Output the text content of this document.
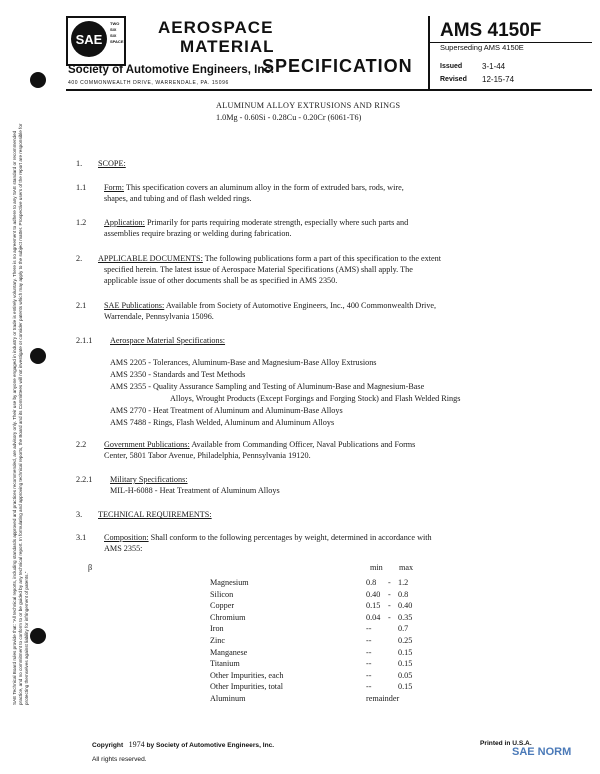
SAE
TWO
SIX
SIX
SPACE
AEROSPACE
MATERIAL
SPECIFICATION
Society of Automotive Engineers, Inc.
400 COMMONWEALTH DRIVE, WARRENDALE, PA. 15096
AMS 4150F
Superseding AMS 4150E
Issued 3-1-44
Revised 12-15-74
SAE Technical Board rules provide that: "All technical reports, including standards approved and practices recommended, are advisory only. Their use by anyone engaged in industry or trade is entirely voluntary. There is no agreement to adhere to any SAE standard or recommended practice, and no commitment to conform to or be guided by any technical report. In formulating and approving technical reports, the Board and its Committees will not investigate or consider patents which may apply to the subject matter. Prospective users of the report are responsible for protecting themselves against liability for infringement of patents."
ALUMINUM ALLOY EXTRUSIONS AND RINGS
1.0Mg - 0.60Si - 0.28Cu - 0.20Cr (6061-T6)
1. SCOPE:
1.1 Form: This specification covers an aluminum alloy in the form of extruded bars, rods, wire,
shapes, and tubing and of flash welded rings.
1.2 Application: Primarily for parts requiring moderate strength, especially where such parts and
assemblies require brazing or welding during fabrication.
2. APPLICABLE DOCUMENTS: The following publications form a part of this specification to the extent
specified herein. The latest issue of Aerospace Material Specifications (AMS) shall apply. The
applicable issue of other documents shall be as specified in AMS 2350.
2.1 SAE Publications: Available from Society of Automotive Engineers, Inc., 400 Commonwealth Drive,
Warrendale, Pennsylvania 15096.
2.1.1 Aerospace Material Specifications:
AMS 2205 - Tolerances, Aluminum-Base and Magnesium-Base Alloy Extrusions
AMS 2350 - Standards and Test Methods
AMS 2355 - Quality Assurance Sampling and Testing of Aluminum-Base and Magnesium-Base
Alloys, Wrought Products (Except Forgings and Forging Stock) and Flash Welded Rings
AMS 2770 - Heat Treatment of Aluminum and Aluminum-Base Alloys
AMS 7488 - Rings, Flash Welded, Aluminum and Aluminum Alloys
2.2 Government Publications: Available from Commanding Officer, Naval Publications and Forms
Center, 5801 Tabor Avenue, Philadelphia, Pennsylvania 19120.
2.2.1 Military Specifications:
MIL-H-6088 - Heat Treatment of Aluminum Alloys
3. TECHNICAL REQUIREMENTS:
3.1 Composition: Shall conform to the following percentages by weight, determined in accordance with
AMS 2355:
β	min max
Magnesium	0.8 - 1.2
Silicon	0.40 - 0.8
Copper	0.15 - 0.40
Chromium	0.04 - 0.35
Iron	--	0.7
Zinc	--	0.25
Manganese	--	0.15
Titanium	--	0.15
Other Impurities, each	--	0.05
Other Impurities, total	--	0.15
Aluminum	remainder
Copyright 1974 by Society of Automotive Engineers, Inc.
All rights reserved.
Printed in U.S.A.
SAE NORM
